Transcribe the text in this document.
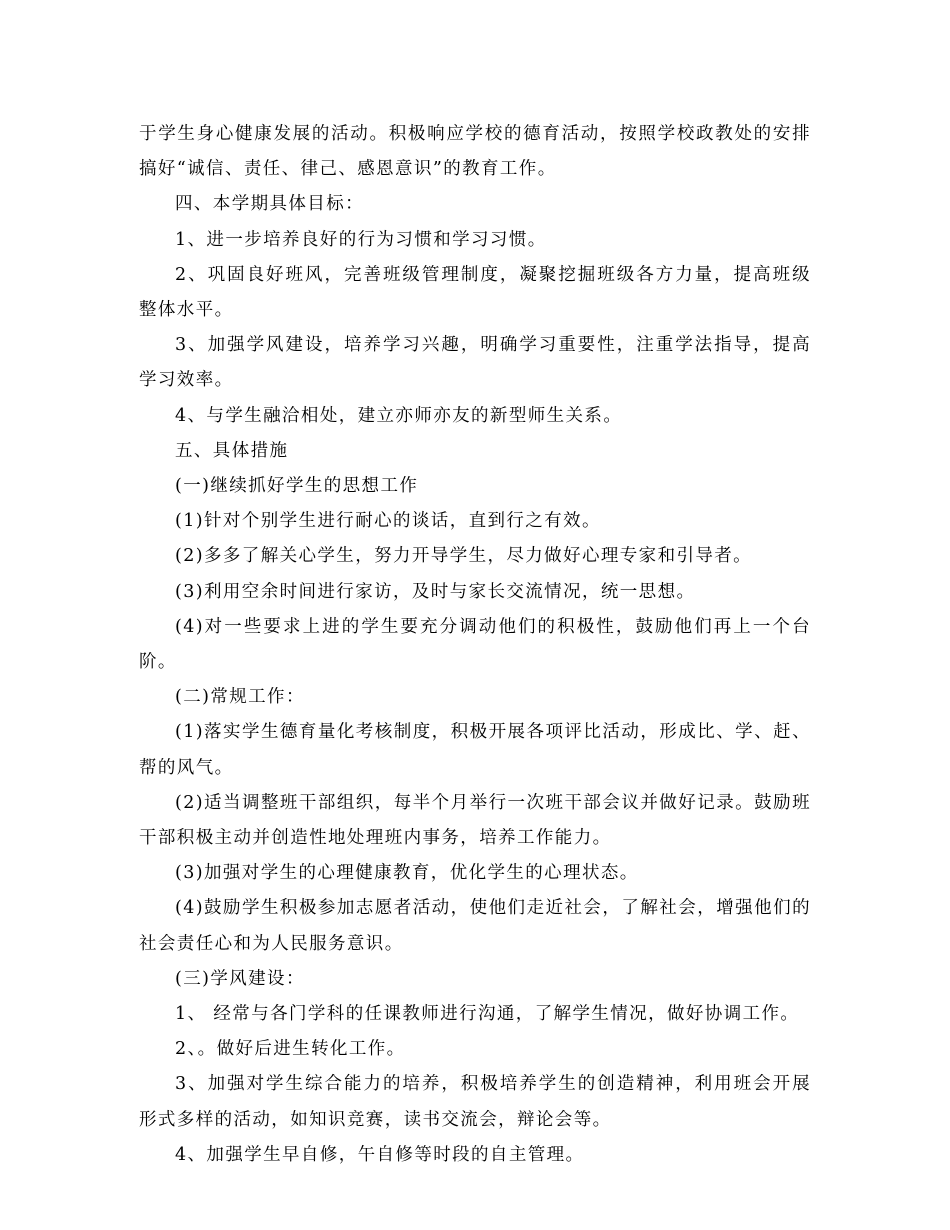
于学生身心健康发展的活动。积极响应学校的德育活动，按照学校政教处的安排搞好“诚信、责任、律己、感恩意识”的教育工作。

四、本学期具体目标：

1、进一步培养良好的行为习惯和学习习惯。

2、巩固良好班风，完善班级管理制度，凝聚挖掘班级各方力量，提高班级整体水平。

3、加强学风建设，培养学习兴趣，明确学习重要性，注重学法指导，提高学习效率。

4、与学生融洽相处，建立亦师亦友的新型师生关系。

五、具体措施

(一)继续抓好学生的思想工作

(1)针对个别学生进行耐心的谈话，直到行之有效。

(2)多多了解关心学生，努力开导学生，尽力做好心理专家和引导者。

(3)利用空余时间进行家访，及时与家长交流情况，统一思想。

(4)对一些要求上进的学生要充分调动他们的积极性，鼓励他们再上一个台阶。

(二)常规工作：

(1)落实学生德育量化考核制度，积极开展各项评比活动，形成比、学、赶、帮的风气。

(2)适当调整班干部组织，每半个月举行一次班干部会议并做好记录。鼓励班干部积极主动并创造性地处理班内事务，培养工作能力。

(3)加强对学生的心理健康教育，优化学生的心理状态。

(4)鼓励学生积极参加志愿者活动，使他们走近社会，了解社会，增强他们的社会责任心和为人民服务意识。

(三)学风建设：

1、 经常与各门学科的任课教师进行沟通，了解学生情况，做好协调工作。

2、。做好后进生转化工作。

3、加强对学生综合能力的培养，积极培养学生的创造精神，利用班会开展形式多样的活动，如知识竞赛，读书交流会，辩论会等。

4、加强学生早自修，午自修等时段的自主管理。
